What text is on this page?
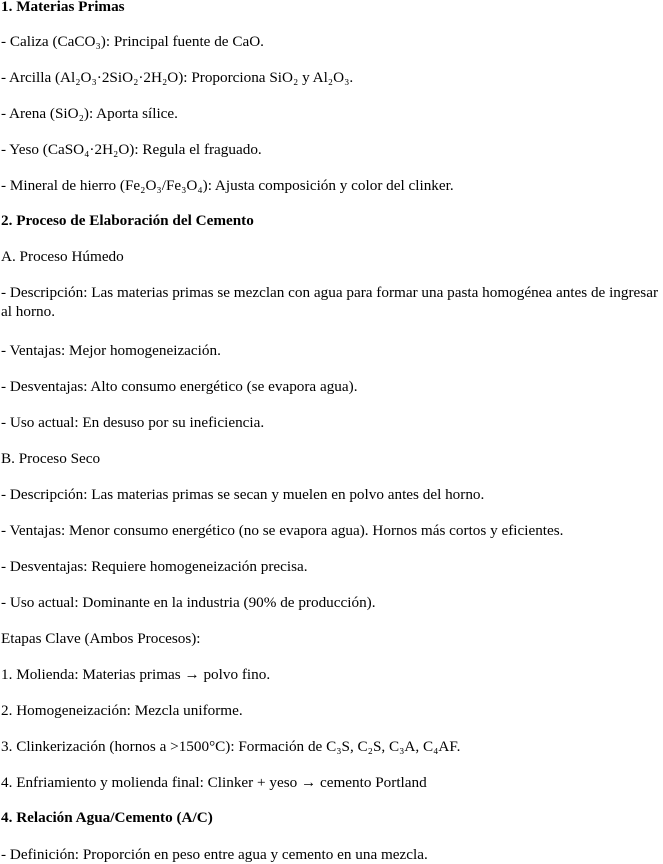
1. Materias Primas
- Caliza (CaCO₃): Principal fuente de CaO.
- Arcilla (Al₂O₃·2SiO₂·2H₂O): Proporciona SiO₂ y Al₂O₃.
- Arena (SiO₂): Aporta sílice.
- Yeso (CaSO₄·2H₂O): Regula el fraguado.
- Mineral de hierro (Fe₂O₃/Fe₃O₄): Ajusta composición y color del clinker.
2. Proceso de Elaboración del Cemento
A. Proceso Húmedo
- Descripción: Las materias primas se mezclan con agua para formar una pasta homogénea antes de ingresar al horno.
- Ventajas: Mejor homogeneización.
- Desventajas: Alto consumo energético (se evapora agua).
- Uso actual: En desuso por su ineficiencia.
B. Proceso Seco
- Descripción: Las materias primas se secan y muelen en polvo antes del horno.
- Ventajas: Menor consumo energético (no se evapora agua). Hornos más cortos y eficientes.
- Desventajas: Requiere homogeneización precisa.
- Uso actual: Dominante en la industria (90% de producción).
Etapas Clave (Ambos Procesos):
1. Molienda: Materias primas → polvo fino.
2. Homogeneización: Mezcla uniforme.
3. Clinkerización (hornos a >1500°C): Formación de C₃S, C₂S, C₃A, C₄AF.
4. Enfriamiento y molienda final: Clinker + yeso → cemento Portland
4. Relación Agua/Cemento (A/C)
- Definición: Proporción en peso entre agua y cemento en una mezcla.
